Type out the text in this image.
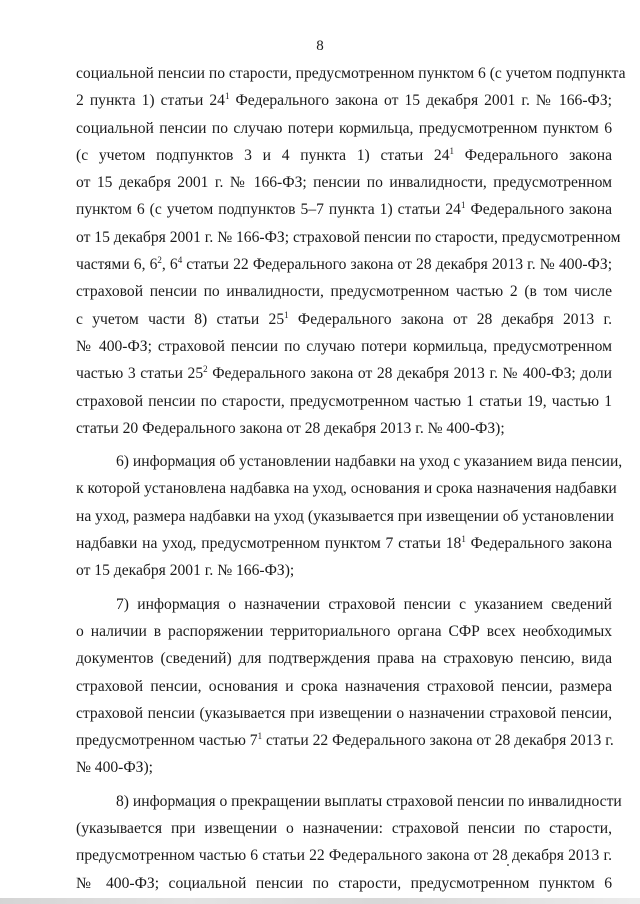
8
социальной пенсии по старости, предусмотренном пунктом 6 (с учетом подпункта
2 пункта 1) статьи $24^1$ Федерального закона от 15 декабря 2001 г. № 166-ФЗ;
социальной пенсии по случаю потери кормильца, предусмотренном пунктом 6
(с учетом подпунктов 3 и 4 пункта 1) статьи $24^1$ Федерального закона
от 15 декабря 2001 г. № 166-ФЗ; пенсии по инвалидности, предусмотренном
пунктом 6 (с учетом подпунктов 5–7 пункта 1) статьи $24^1$ Федерального закона
от 15 декабря 2001 г. № 166-ФЗ; страховой пенсии по старости, предусмотренном
частями 6, $6^2$, $6^4$ статьи 22 Федерального закона от 28 декабря 2013 г. № 400-ФЗ;
страховой пенсии по инвалидности, предусмотренном частью 2 (в том числе
с учетом части 8) статьи $25^1$ Федерального закона от 28 декабря 2013 г.
№ 400-ФЗ; страховой пенсии по случаю потери кормильца, предусмотренном
частью 3 статьи $25^2$ Федерального закона от 28 декабря 2013 г. № 400-ФЗ; доли
страховой пенсии по старости, предусмотренном частью 1 статьи 19, частью 1
статьи 20 Федерального закона от 28 декабря 2013 г. № 400-ФЗ);
6) информация об установлении надбавки на уход с указанием вида пенсии,
к которой установлена надбавка на уход, основания и срока назначения надбавки
на уход, размера надбавки на уход (указывается при извещении об установлении
надбавки на уход, предусмотренном пунктом 7 статьи $18^1$ Федерального закона
от 15 декабря 2001 г. № 166-ФЗ);
7) информация о назначении страховой пенсии с указанием сведений
о наличии в распоряжении территориального органа СФР всех необходимых
документов (сведений) для подтверждения права на страховую пенсию, вида
страховой пенсии, основания и срока назначения страховой пенсии, размера
страховой пенсии (указывается при извещении о назначении страховой пенсии,
предусмотренном частью $7^1$ статьи 22 Федерального закона от 28 декабря 2013 г.
№ 400-ФЗ);
8) информация о прекращении выплаты страховой пенсии по инвалидности
(указывается при извещении о назначении: страховой пенсии по старости,
предусмотренном частью 6 статьи 22 Федерального закона от 28 декабря 2013 г.
№ 400-ФЗ; социальной пенсии по старости, предусмотренном пунктом 6
